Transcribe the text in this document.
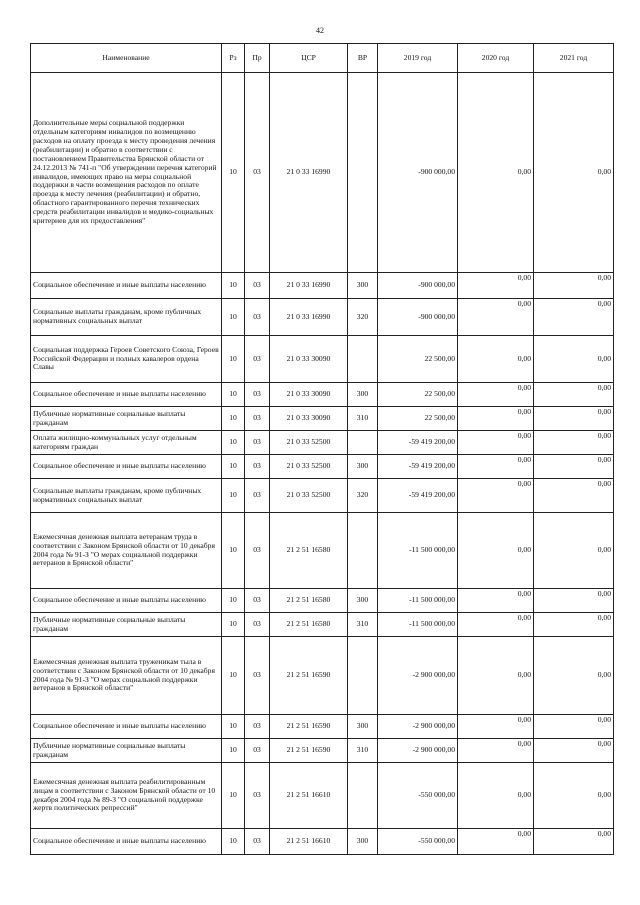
42
Наименование	Рз	Пр	ЦСР	ВР	2019 год	2020 год	2021 год
Дополнительные меры социальной поддержки отдельным категориям инвалидов по возмещению расходов на оплату проезда к месту проведения лечения (реабилитации) и обратно в соответствии с постановлением Правительства Брянской области от 24.12.2013 № 741-п "Об утверждении перечня категорий инвалидов, имеющих право на меры социальной поддержки в части возмещения расходов по оплате проезда к месту лечения (реабилитации) и обратно, областного гарантированного перечня технических средств реабилитации инвалидов и медико-социальных критериев для их предоставления"	10	03	21 0 33 16990		-900 000,00	0,00	0,00
Социальное обеспечение и иные выплаты населению	10	03	21 0 33 16990	300	-900 000,00	0,00	0,00
Социальные выплаты гражданам, кроме публичных нормативных социальных выплат	10	03	21 0 33 16990	320	-900 000,00	0,00	0,00
Социальная поддержка Героев Советского Союза, Героев Российской Федерации и полных кавалеров ордена Славы	10	03	21 0 33 30090		22 500,00	0,00	0,00
Социальное обеспечение и иные выплаты населению	10	03	21 0 33 30090	300	22 500,00	0,00	0,00
Публичные нормативные социальные выплаты гражданам	10	03	21 0 33 30090	310	22 500,00	0,00	0,00
Оплата жилищно-коммунальных услуг отдельным категориям граждан	10	03	21 0 33 52500		-59 419 200,00	0,00	0,00
Социальное обеспечение и иные выплаты населению	10	03	21 0 33 52500	300	-59 419 200,00	0,00	0,00
Социальные выплаты гражданам, кроме публичных нормативных социальных выплат	10	03	21 0 33 52500	320	-59 419 200,00	0,00	0,00
Ежемесячная денежная выплата ветеранам труда в соответствии с Законом Брянской области от 10 декабря 2004 года № 91-З "О мерах социальной поддержки ветеранов в Брянской области"	10	03	21 2 51 16580		-11 500 000,00	0,00	0,00
Социальное обеспечение и иные выплаты населению	10	03	21 2 51 16580	300	-11 500 000,00	0,00	0,00
Публичные нормативные социальные выплаты гражданам	10	03	21 2 51 16580	310	-11 500 000,00	0,00	0,00
Ежемесячная денежная выплата труженикам тыла в соответствии с Законом Брянской области от 10 декабря 2004 года № 91-З "О мерах социальной поддержки ветеранов в Брянской области"	10	03	21 2 51 16590		-2 900 000,00	0,00	0,00
Социальное обеспечение и иные выплаты населению	10	03	21 2 51 16590	300	-2 900 000,00	0,00	0,00
Публичные нормативные социальные выплаты гражданам	10	03	21 2 51 16590	310	-2 900 000,00	0,00	0,00
Ежемесячная денежная выплата реабилитированным лицам в соответствии с Законом Брянской области от 10 декабря 2004 года № 89-З "О социальной поддержке жертв политических репрессий"	10	03	21 2 51 16610		-550 000,00	0,00	0,00
Социальное обеспечение и иные выплаты населению	10	03	21 2 51 16610	300	-550 000,00	0,00	0,00
